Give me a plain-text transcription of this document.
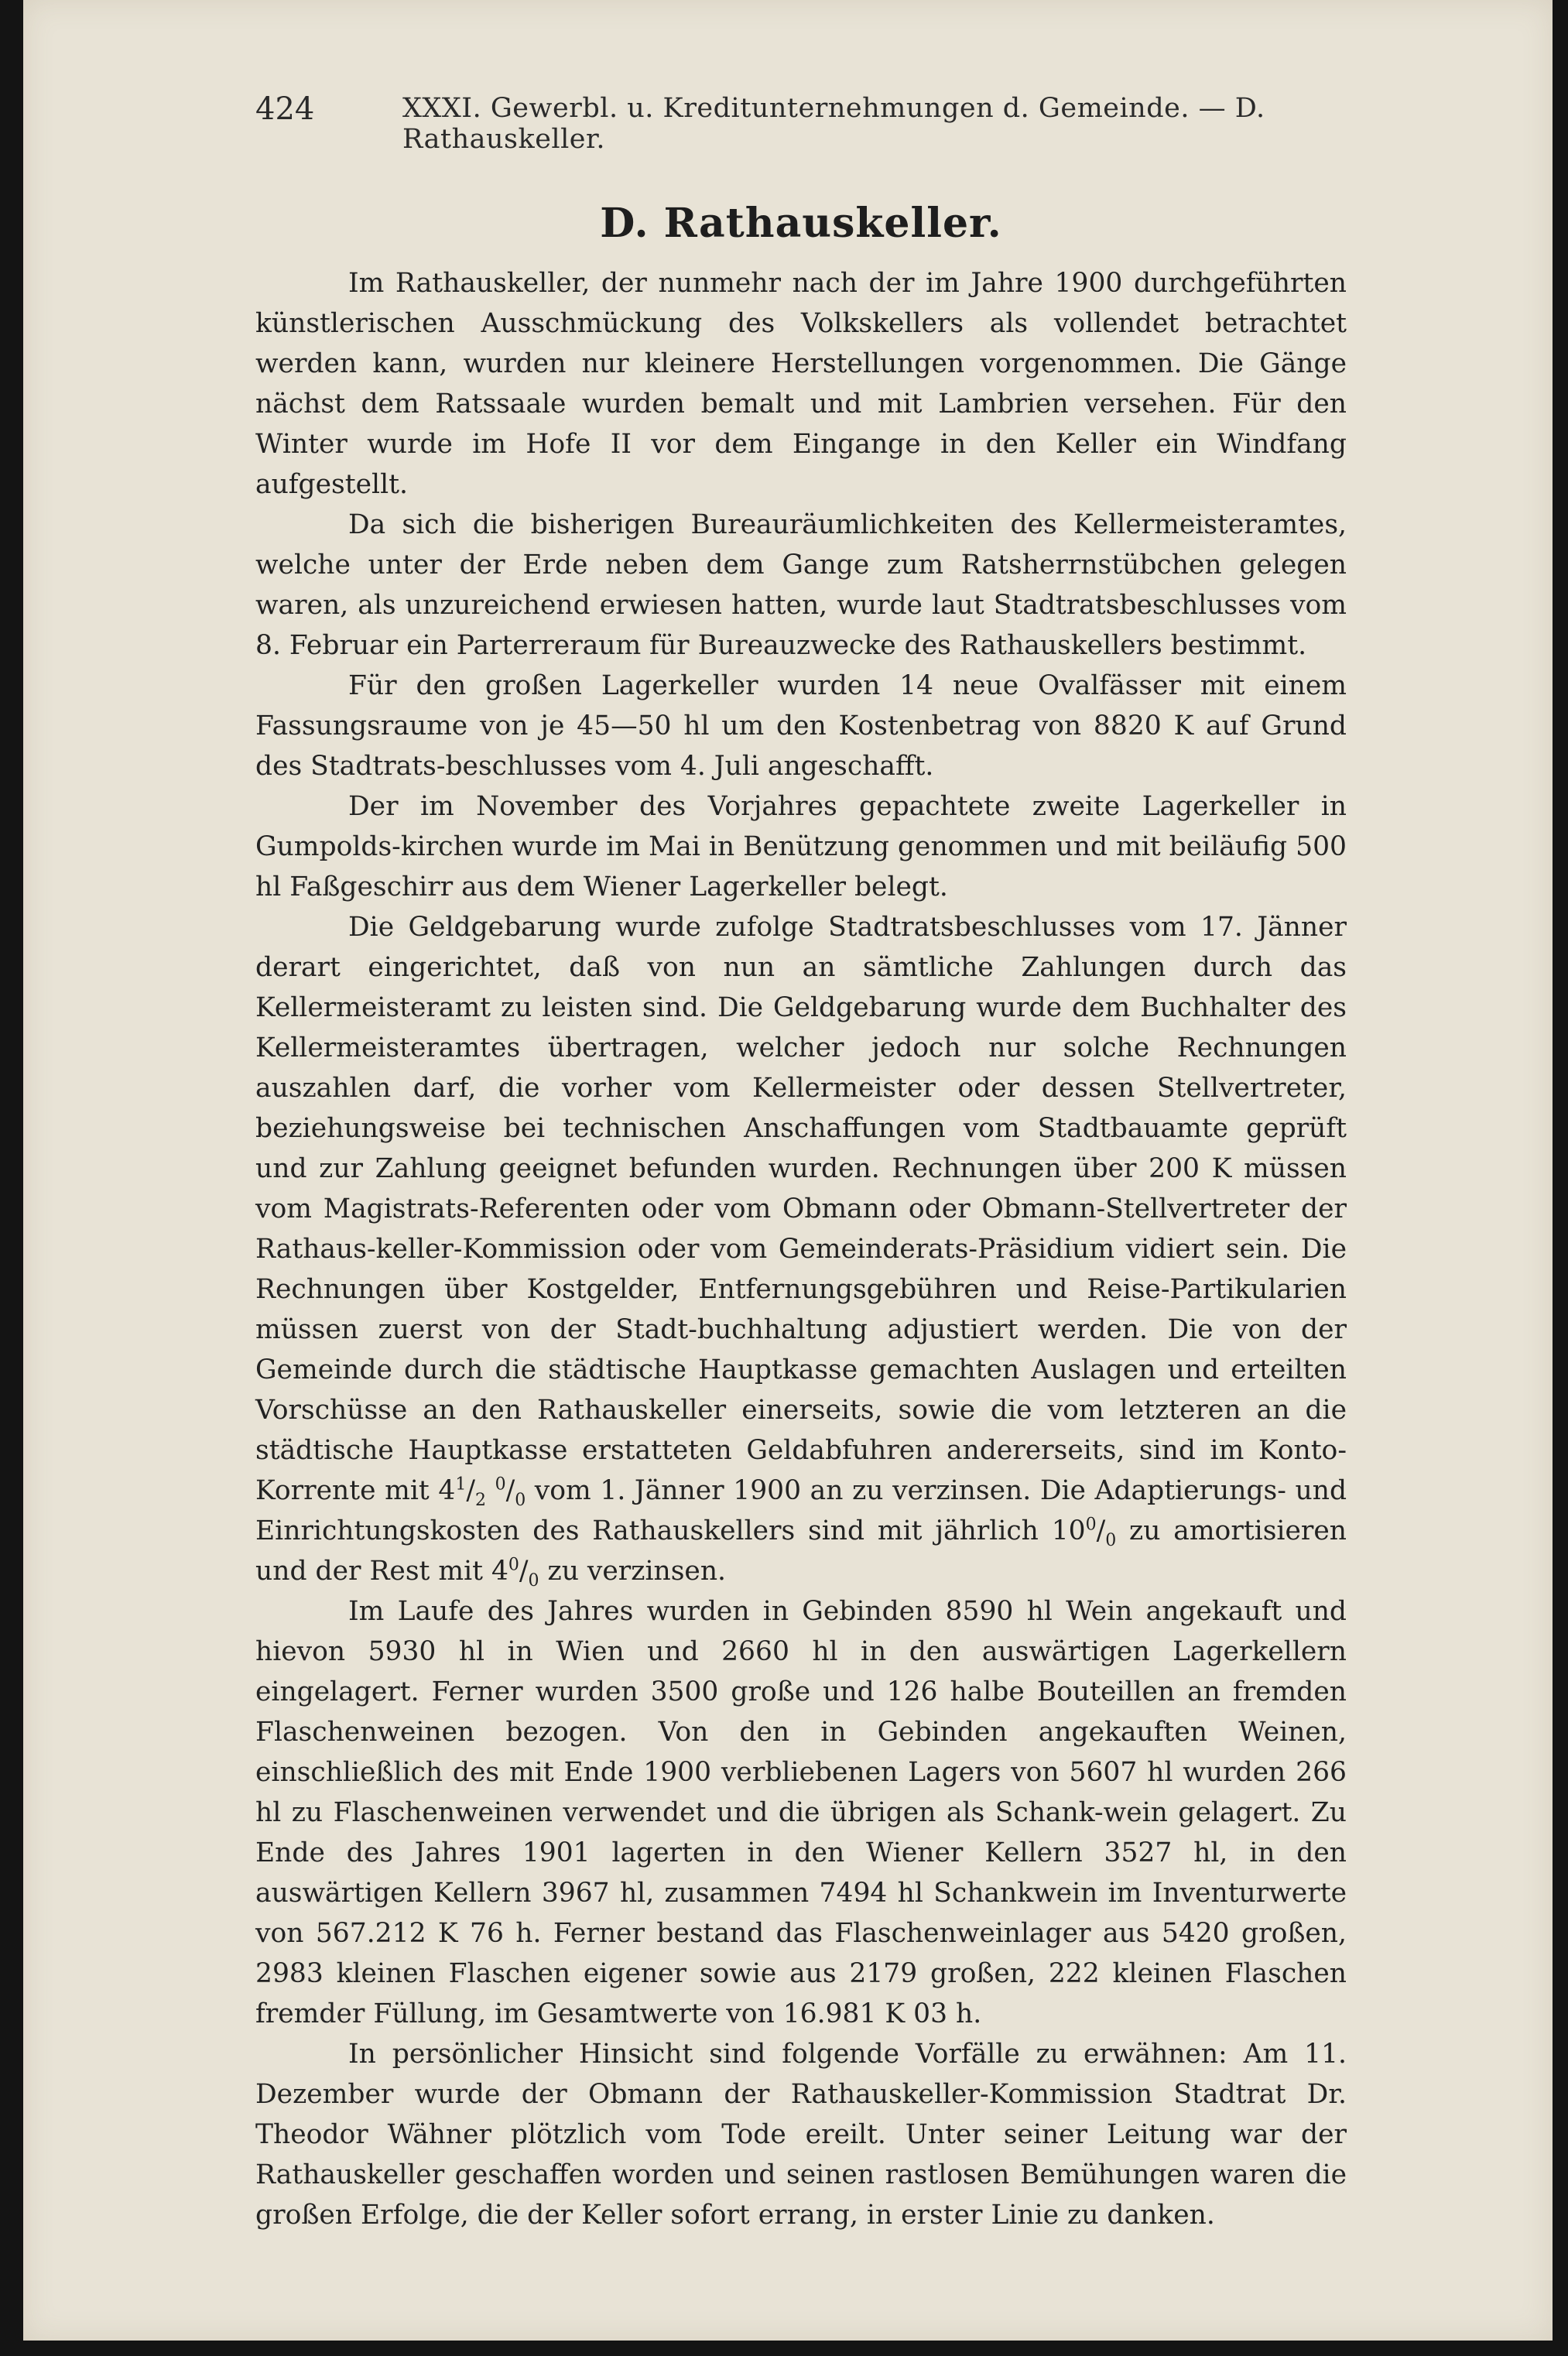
424	XXXI. Gewerbl. u. Kreditunternehmungen d. Gemeinde. — D. Rathauskeller.
D. Rathauskeller.

Im Rathauskeller, der nunmehr nach der im Jahre 1900 durchgeführten künstlerischen Ausschmückung des Volkskellers als vollendet betrachtet werden kann, wurden nur kleinere Herstellungen vorgenommen. Die Gänge nächst dem Ratssaale wurden bemalt und mit Lambrien versehen. Für den Winter wurde im Hofe II vor dem Eingange in den Keller ein Windfang aufgestellt.

Da sich die bisherigen Bureauräumlichkeiten des Kellermeisteramtes, welche unter der Erde neben dem Gange zum Ratsherrnstübchen gelegen waren, als unzureichend erwiesen hatten, wurde laut Stadtratsbeschlusses vom 8. Februar ein Parterreraum für Bureauzwecke des Rathauskellers bestimmt.

Für den großen Lagerkeller wurden 14 neue Ovalfässer mit einem Fassungsraume von je 45—50 hl um den Kostenbetrag von 8820 K auf Grund des Stadtrats-beschlusses vom 4. Juli angeschafft.

Der im November des Vorjahres gepachtete zweite Lagerkeller in Gumpolds-kirchen wurde im Mai in Benützung genommen und mit beiläufig 500 hl Faßgeschirr aus dem Wiener Lagerkeller belegt.

Die Geldgebarung wurde zufolge Stadtratsbeschlusses vom 17. Jänner derart eingerichtet, daß von nun an sämtliche Zahlungen durch das Kellermeisteramt zu leisten sind. Die Geldgebarung wurde dem Buchhalter des Kellermeisteramtes übertragen, welcher jedoch nur solche Rechnungen auszahlen darf, die vorher vom Kellermeister oder dessen Stellvertreter, beziehungsweise bei technischen Anschaffungen vom Stadtbauamte geprüft und zur Zahlung geeignet befunden wurden. Rechnungen über 200 K müssen vom Magistrats-Referenten oder vom Obmann oder Obmann-Stellvertreter der Rathaus-keller-Kommission oder vom Gemeinderats-Präsidium vidiert sein. Die Rechnungen über Kostgelder, Entfernungsgebühren und Reise-Partikularien müssen zuerst von der Stadt-buchhaltung adjustiert werden. Die von der Gemeinde durch die städtische Hauptkasse gemachten Auslagen und erteilten Vorschüsse an den Rathauskeller einerseits, sowie die vom letzteren an die städtische Hauptkasse erstatteten Geldabfuhren andererseits, sind im Konto-Korrente mit $4^1/_2$ $^0/_0$ vom 1. Jänner 1900 an zu verzinsen. Die Adaptierungs- und Einrichtungskosten des Rathauskellers sind mit jährlich $10^0/_0$ zu amortisieren und der Rest mit $4^0/_0$ zu verzinsen.

Im Laufe des Jahres wurden in Gebinden 8590 hl Wein angekauft und hievon 5930 hl in Wien und 2660 hl in den auswärtigen Lagerkellern eingelagert. Ferner wurden 3500 große und 126 halbe Bouteillen an fremden Flaschenweinen bezogen. Von den in Gebinden angekauften Weinen, einschließlich des mit Ende 1900 verbliebenen Lagers von 5607 hl wurden 266 hl zu Flaschenweinen verwendet und die übrigen als Schank-wein gelagert. Zu Ende des Jahres 1901 lagerten in den Wiener Kellern 3527 hl, in den auswärtigen Kellern 3967 hl, zusammen 7494 hl Schankwein im Inventurwerte von 567.212 K 76 h. Ferner bestand das Flaschenweinlager aus 5420 großen, 2983 kleinen Flaschen eigener sowie aus 2179 großen, 222 kleinen Flaschen fremder Füllung, im Gesamtwerte von 16.981 K 03 h.

In persönlicher Hinsicht sind folgende Vorfälle zu erwähnen: Am 11. Dezember wurde der Obmann der Rathauskeller-Kommission Stadtrat Dr. Theodor Wähner plötzlich vom Tode ereilt. Unter seiner Leitung war der Rathauskeller geschaffen worden und seinen rastlosen Bemühungen waren die großen Erfolge, die der Keller sofort errang, in erster Linie zu danken.
